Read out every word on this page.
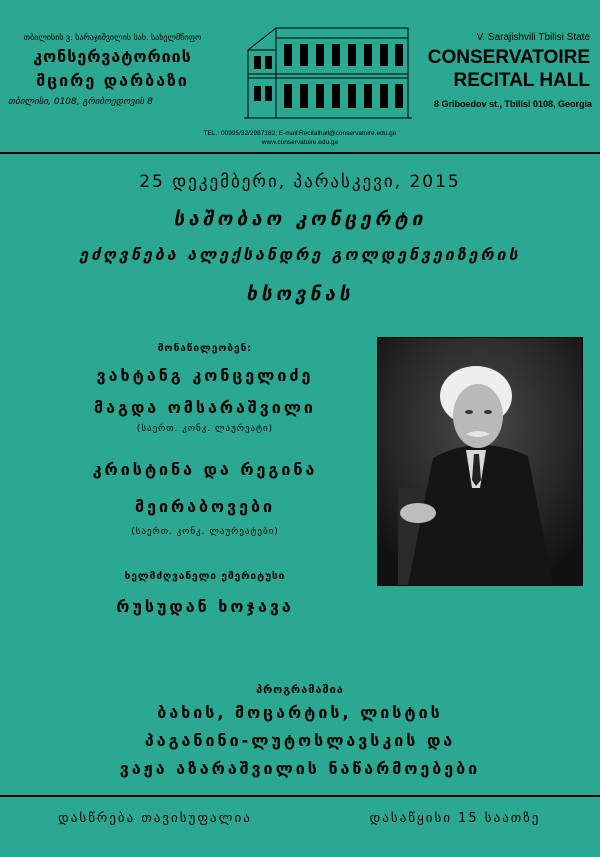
თბილისის ვ. სარაჯიშვილის სახ. სახელმწიფო
კონსერვატორიის
მცირე დარბაზი
თბილისი, 0108, გრიბოედოვის 8
V. Sarajishvili Tbilisi State
CONSERVATOIRE
RECITAL HALL
8 Griboedov st., Tbilisi 0108, Georgia
TEL.: 00995/32/2987182; E-mail:Recitalhall@conservatoire.edu.ge
www.conservatoire.edu.ge
25 დეკემბერი, პარასკევი, 2015
საშობაო კონცერტი
ეძღვნება ალექსანდრე გოლდენვეიზერის
ხსოვნას
მონაწილეობენ:
ვახტანგ კონცელიძე
მაგდა ომსარაშვილი
(საერთ. კონკ. ლაურეატი)
კრისტინა და რეგინა
მეირაბოვები
(საერთ. კონკ. ლაურეატები)
ხელმძღვანელი ემერიტუსი
რუსუდან ხოჯავა
პროგრამაშია
ბახის, მოცარტის, ლისტის
პაგანინი-ლუტოსლავსკის და
ვაჟა აზარაშვილის ნაწარმოებები
დასწრება თავისუფალია	დასაწყისი 15 საათზე
